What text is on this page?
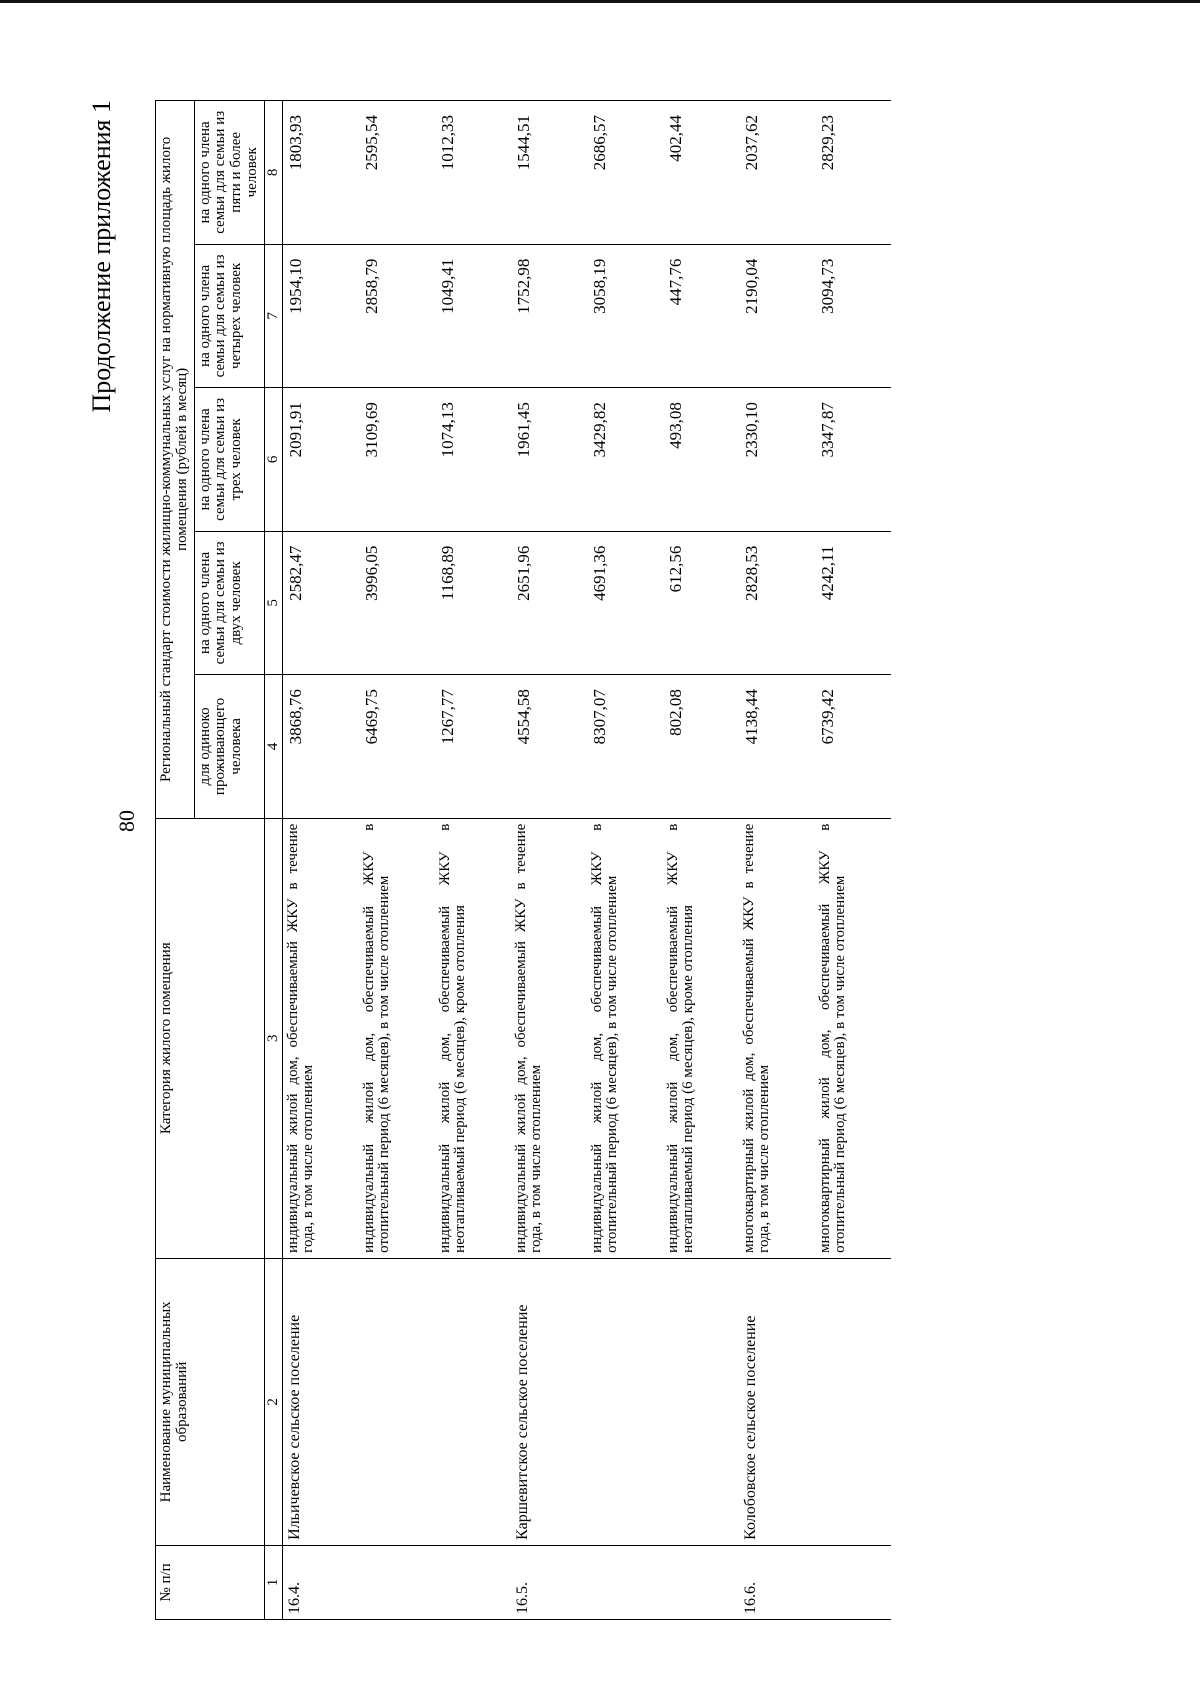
80
Продолжение приложения 1
№ п/п	Наименование муниципальных образований	Категория жилого помещения	Региональный стандарт стоимости жилищно-коммунальных услуг на нормативную площадь жилого помещения (рублей в месяц)				
			для одиноко проживающего человека	на одного члена семьи для семьи из двух человек	на одного члена семьи для семьи из трех человек	на одного члена семьи для семьи из четырех человек	на одного члена семьи для семьи из пяти и более человек
1	2	3	4	5	6	7	8
16.4.	Ильичевское сельское поселение	индивидуальный жилой дом, обеспечиваемый ЖКУ в течение года, в том числе отоплением	3868,76	2582,47	2091,91	1954,10	1803,93
		индивидуальный жилой дом, обеспечиваемый ЖКУ в отопительный период (6 месяцев), в том числе отоплением	6469,75	3996,05	3109,69	2858,79	2595,54
		индивидуальный жилой дом, обеспечиваемый ЖКУ в неотапливаемый период (6 месяцев), кроме отопления	1267,77	1168,89	1074,13	1049,41	1012,33
16.5.	Каршевитское сельское поселение	индивидуальный жилой дом, обеспечиваемый ЖКУ в течение года, в том числе отоплением	4554,58	2651,96	1961,45	1752,98	1544,51
		индивидуальный жилой дом, обеспечиваемый ЖКУ в отопительный период (6 месяцев), в том числе отоплением	8307,07	4691,36	3429,82	3058,19	2686,57
		индивидуальный жилой дом, обеспечиваемый ЖКУ в неотапливаемый период (6 месяцев), кроме отопления	802,08	612,56	493,08	447,76	402,44
16.6.	Колобовское сельское поселение	многоквартирный жилой дом, обеспечиваемый ЖКУ в течение года, в том числе отоплением	4138,44	2828,53	2330,10	2190,04	2037,62
		многоквартирный жилой дом, обеспечиваемый ЖКУ в отопительный период (6 месяцев), в том числе отоплением	6739,42	4242,11	3347,87	3094,73	2829,23
